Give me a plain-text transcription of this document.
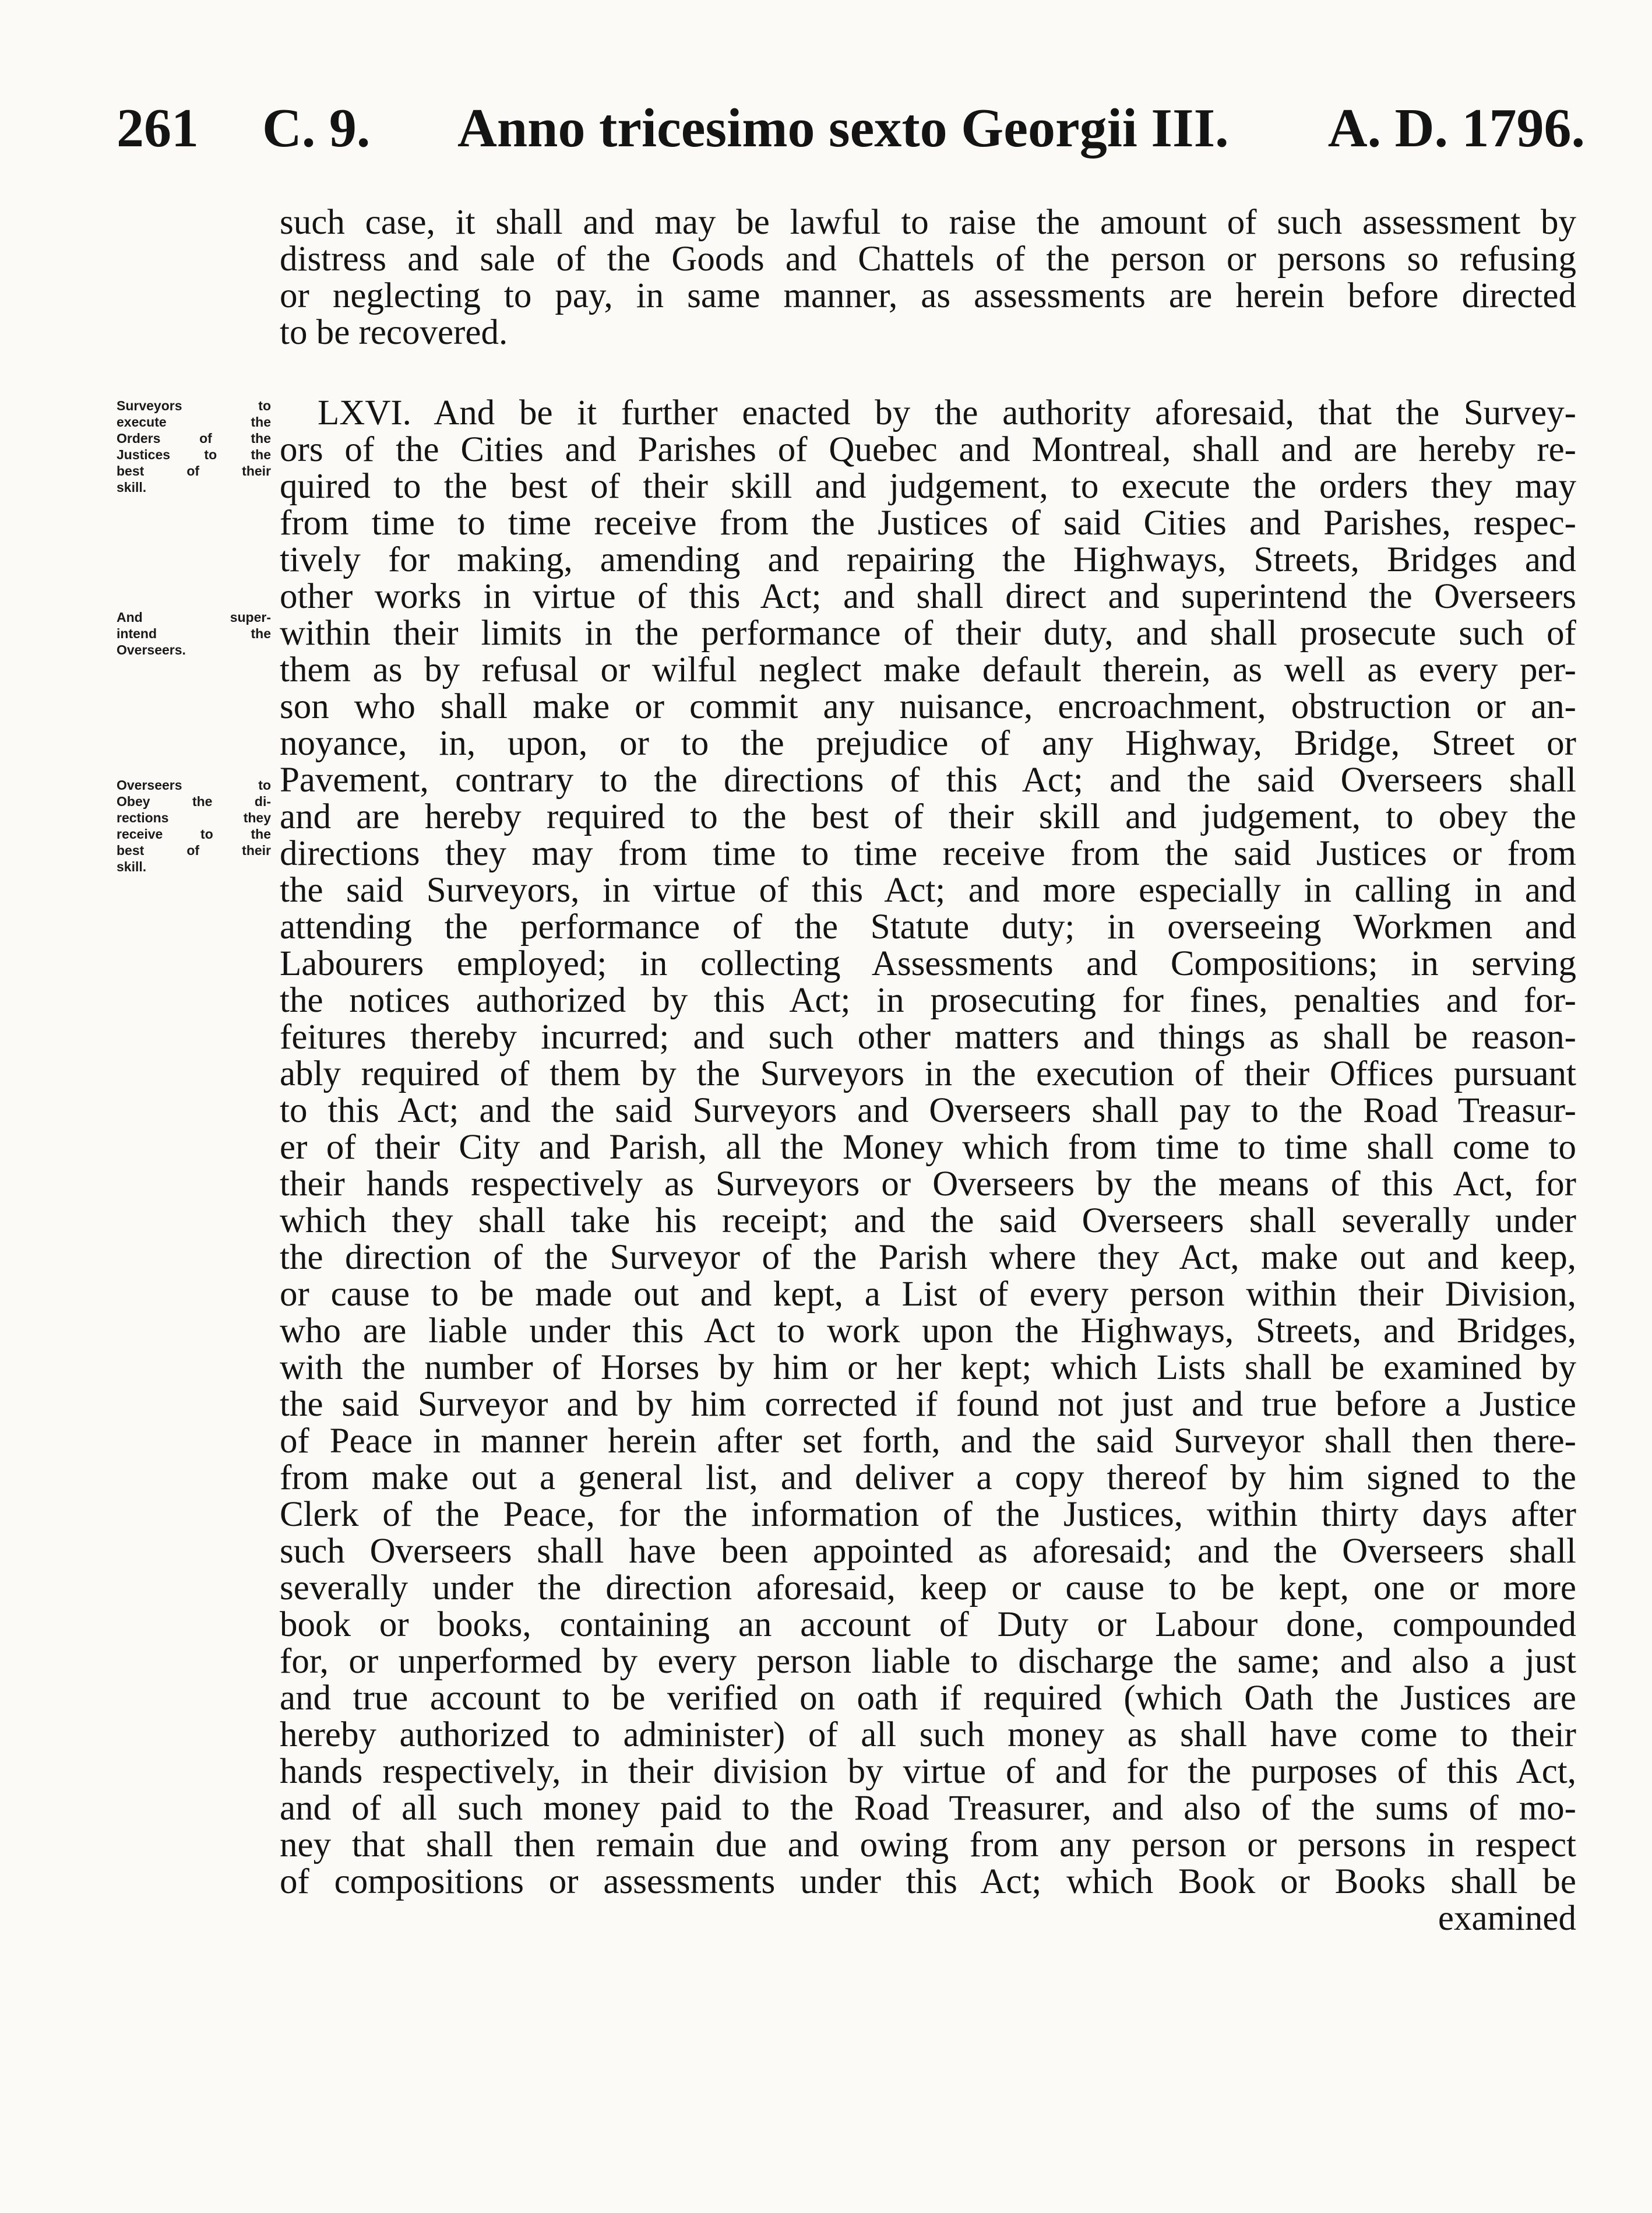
261 C. 9. Anno tricesimo sexto Georgii III. A. D. 1796.
Surveyors to
execute the
Orders of the
Justices to the
best of their
skill.
And super-
intend the
Overseers.
Overseers to
Obey the di-
rections they
receive to the
best of their
skill.
such case, it shall and may be lawful to raise the amount of such assessment by
distress and sale of the Goods and Chattels of the person or persons so refusing
or neglecting to pay, in same manner, as assessments are herein before directed
to be recovered.
LXVI. And be it further enacted by the authority aforesaid, that the Survey-
ors of the Cities and Parishes of Quebec and Montreal, shall and are hereby re-
quired to the best of their skill and judgement, to execute the orders they may
from time to time receive from the Justices of said Cities and Parishes, respec-
tively for making, amending and repairing the Highways, Streets, Bridges and
other works in virtue of this Act; and shall direct and superintend the Overseers
within their limits in the performance of their duty, and shall prosecute such of
them as by refusal or wilful neglect make default therein, as well as every per-
son who shall make or commit any nuisance, encroachment, obstruction or an-
noyance, in, upon, or to the prejudice of any Highway, Bridge, Street or
Pavement, contrary to the directions of this Act; and the said Overseers shall
and are hereby required to the best of their skill and judgement, to obey the
directions they may from time to time receive from the said Justices or from
the said Surveyors, in virtue of this Act; and more especially in calling in and
attending the performance of the Statute duty; in overseeing Workmen and
Labourers employed; in collecting Assessments and Compositions; in serving
the notices authorized by this Act; in prosecuting for fines, penalties and for-
feitures thereby incurred; and such other matters and things as shall be reason-
ably required of them by the Surveyors in the execution of their Offices pursuant
to this Act; and the said Surveyors and Overseers shall pay to the Road Treasur-
er of their City and Parish, all the Money which from time to time shall come to
their hands respectively as Surveyors or Overseers by the means of this Act, for
which they shall take his receipt; and the said Overseers shall severally under
the direction of the Surveyor of the Parish where they Act, make out and keep,
or cause to be made out and kept, a List of every person within their Division,
who are liable under this Act to work upon the Highways, Streets, and Bridges,
with the number of Horses by him or her kept; which Lists shall be examined by
the said Surveyor and by him corrected if found not just and true before a Justice
of Peace in manner herein after set forth, and the said Surveyor shall then there-
from make out a general list, and deliver a copy thereof by him signed to the
Clerk of the Peace, for the information of the Justices, within thirty days after
such Overseers shall have been appointed as aforesaid; and the Overseers shall
severally under the direction aforesaid, keep or cause to be kept, one or more
book or books, containing an account of Duty or Labour done, compounded
for, or unperformed by every person liable to discharge the same; and also a just
and true account to be verified on oath if required (which Oath the Justices are
hereby authorized to administer) of all such money as shall have come to their
hands respectively, in their division by virtue of and for the purposes of this Act,
and of all such money paid to the Road Treasurer, and also of the sums of mo-
ney that shall then remain due and owing from any person or persons in respect
of compositions or assessments under this Act; which Book or Books shall be
examined
